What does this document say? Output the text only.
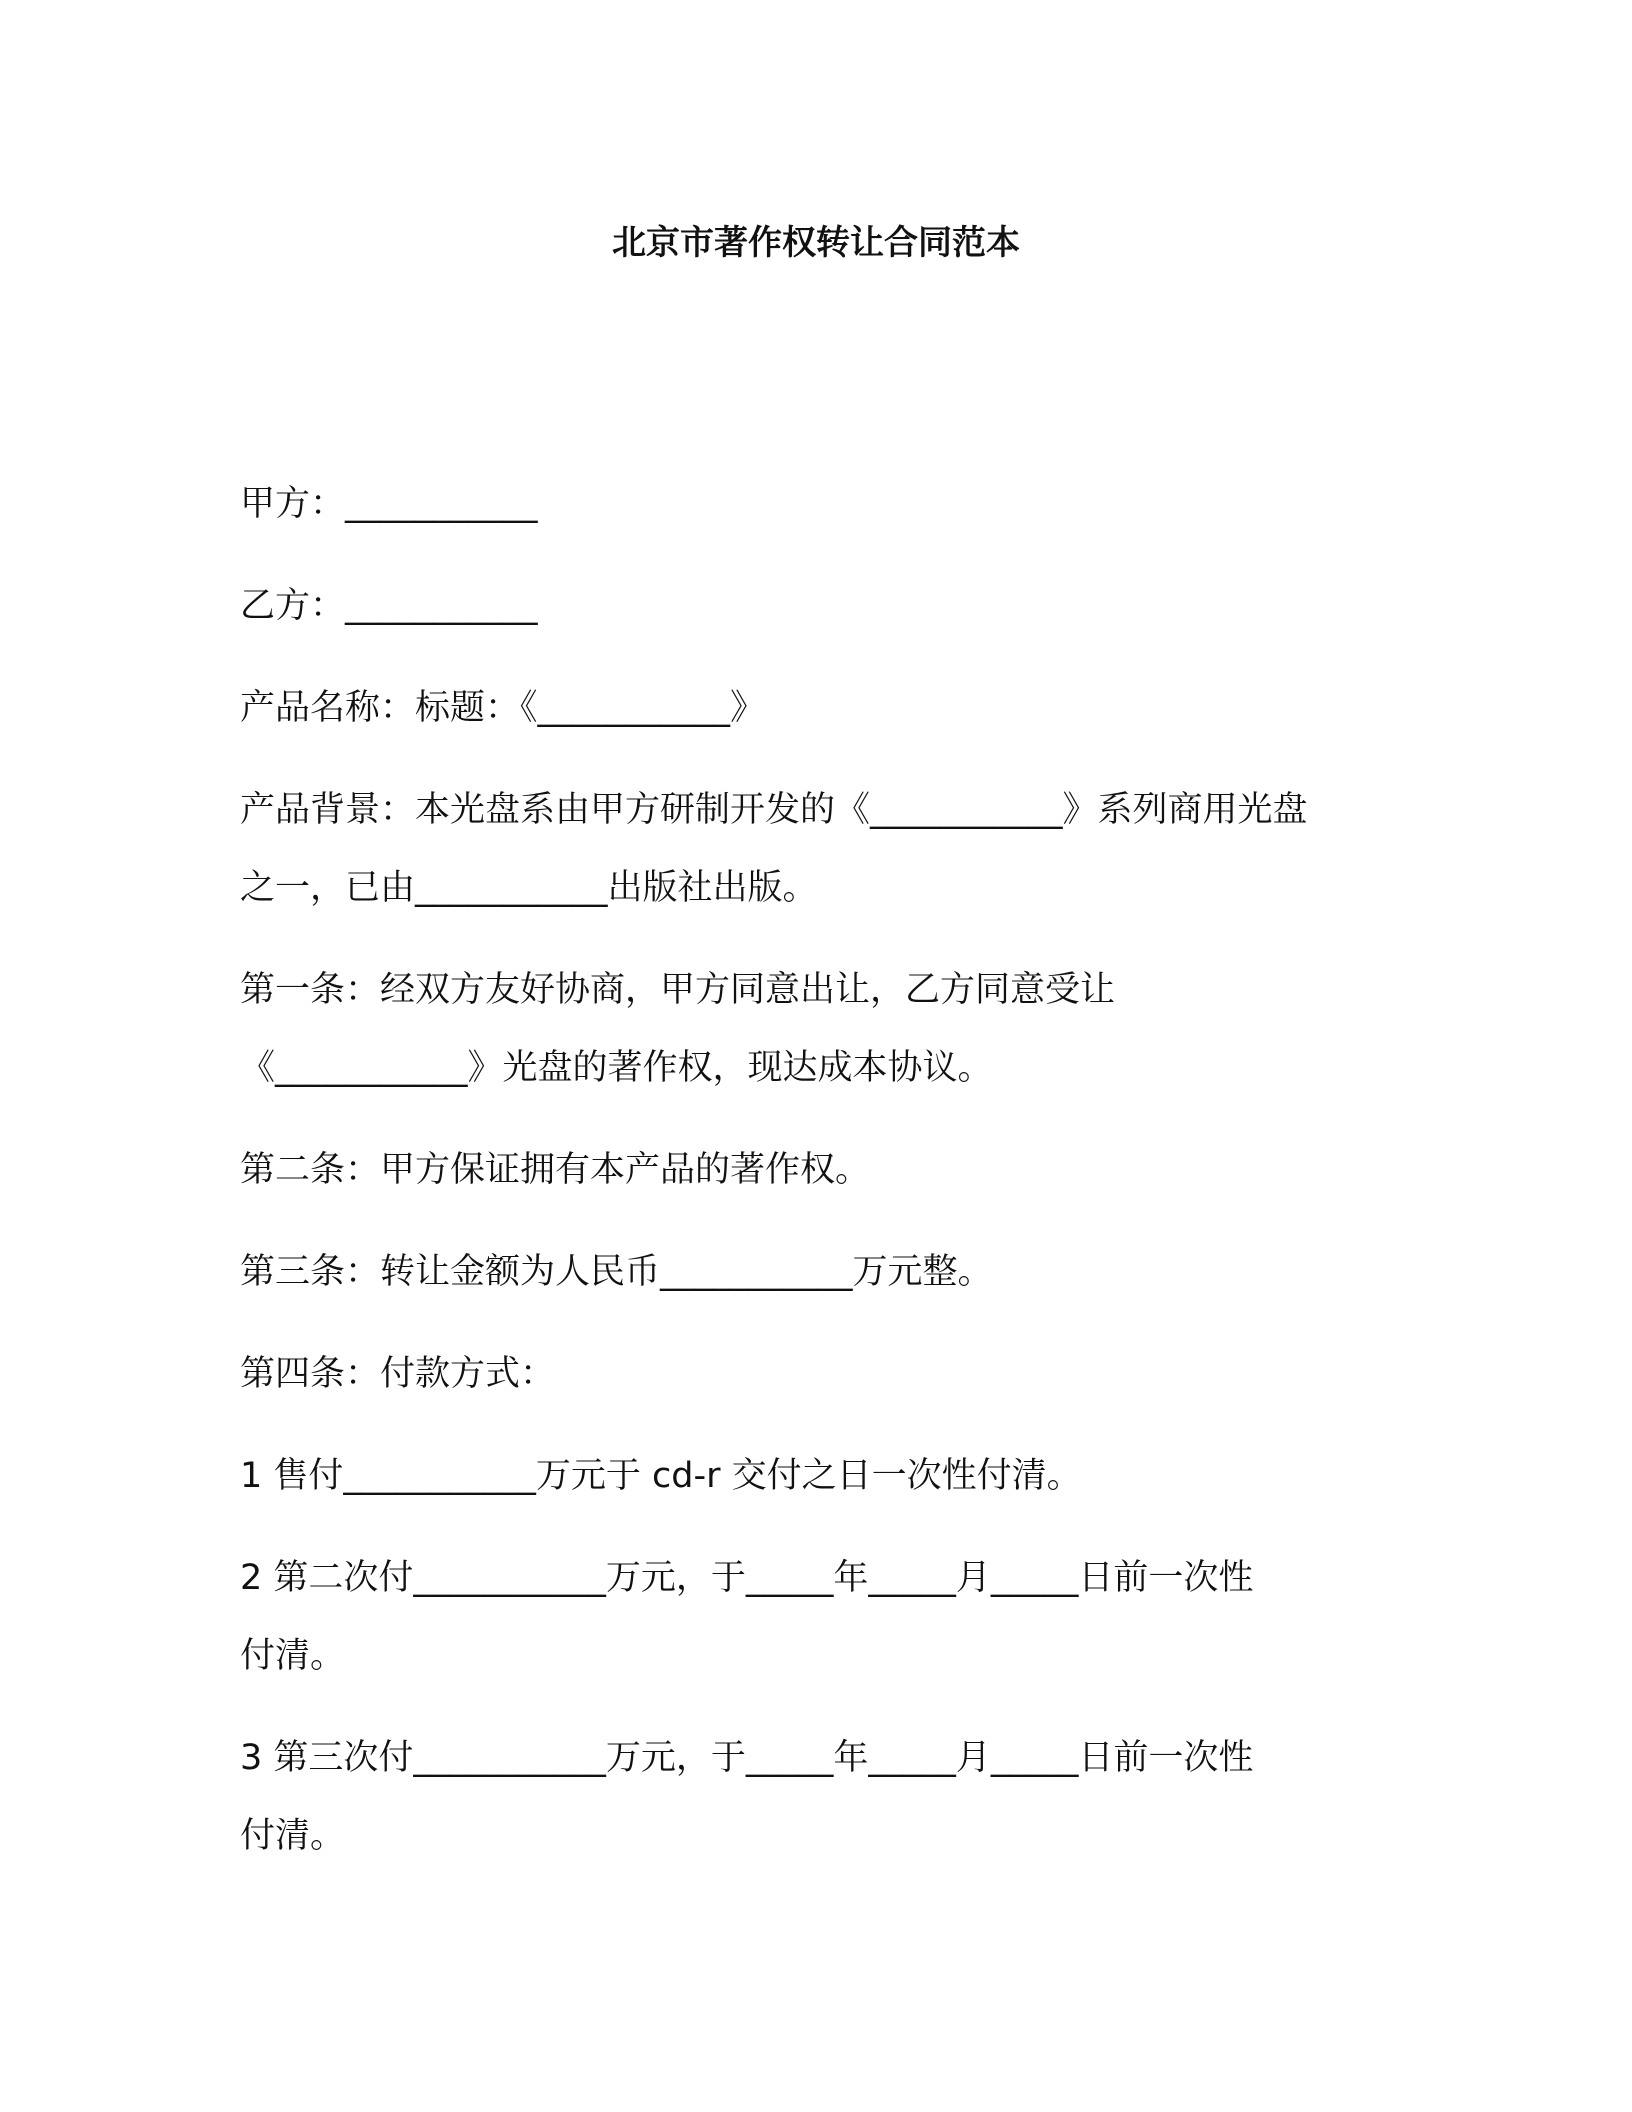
北京市著作权转让合同范本
甲方：___________
乙方：___________
产品名称：标题：《___________》
产品背景：本光盘系由甲方研制开发的《___________》系列商用光盘
之一，已由___________出版社出版。
第一条：经双方友好协商，甲方同意出让，乙方同意受让
《___________》光盘的著作权，现达成本协议。
第二条：甲方保证拥有本产品的著作权。
第三条：转让金额为人民币___________万元整。
第四条：付款方式：
1 售付___________万元于 cd-r 交付之日一次性付清。
2 第二次付___________万元，于_____年_____月_____日前一次性
付清。
3 第三次付___________万元，于_____年_____月_____日前一次性
付清。
